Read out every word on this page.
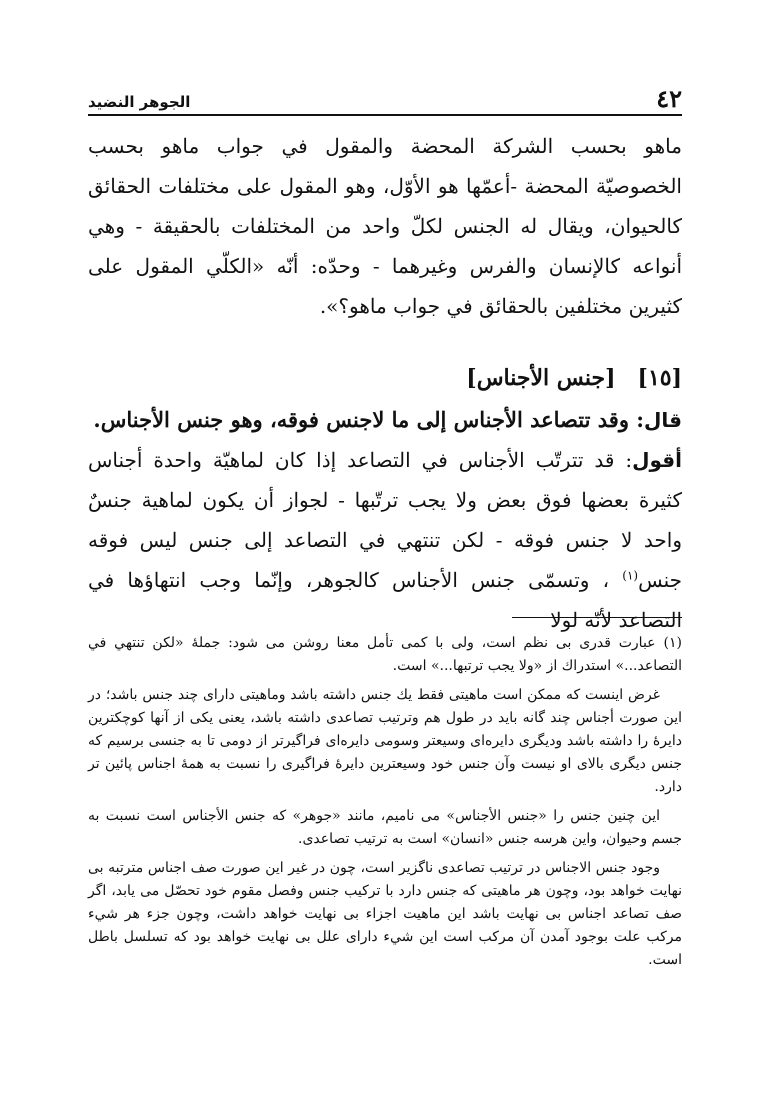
٤٢
الجوهر النضيد

ماهو بحسب الشركة المحضة والمقول في جواب ماهو بحسب الخصوصيّة المحضة -أعمّها هو الأوّل، وهو المقول على مختلفات الحقائق كالحيوان، ويقال له الجنس لكلّ واحد من المختلفات بالحقيقة - وهي أنواعه كالإنسان والفرس وغيرهما - وحدّه: أنّه «الكلّي المقول على كثيرين مختلفين بالحقائق في جواب ماهو؟».

[١٥][جنس الأجناس]

قال: وقد تتصاعد الأجناس إلى ما لاجنس فوقه، وهو جنس الأجناس.

أقول: قد تترتّب الأجناس في التصاعد إذا كان لماهيّة واحدة أجناس كثيرة بعضها فوق بعض ولا يجب ترتّبها - لجواز أن يكون لماهية جنسٌ واحد لا جنس فوقه - لكن تنتهي في التصاعد إلى جنس ليس فوقه جنس$^{(١)}$ ، وتسمّى جنس الأجناس كالجوهر، وإنّما وجب انتهاؤها في التصاعد لأنّه لولا

(١)عبارت قدری بی نظم است، ولی با کمی تأمل معنا روشن می شود: جملهٔ «لکن تنتهي في التصاعد...» استدراك از «ولا يجب ترتبها...» است.

غرض اینست که ممکن است ماهیتی فقط یك جنس داشته باشد وماهیتی دارای چند جنس باشد؛ در این صورت أجناس چند گانه باید در طول هم وترتیب تصاعدی داشته باشد، یعنی یکی از آنها کوچکترین دایرهٔ را داشته باشد ودیگری دایره‌ای وسیعتر وسومی دایره‌ای فراگیرتر از دومی تا به جنسی برسیم که جنس دیگری بالای او نیست وآن جنس خود وسیعترین دایرهٔ فراگیری را نسبت به همهٔ اجناس پائین تر دارد.

این چنین جنس را «جنس الأجناس» می نامیم، مانند «جوهر» که جنس الأجناس است نسبت به جسم وحیوان، واین هرسه جنس «انسان» است به ترتیب تصاعدی.

وجود جنس الاجناس در ترتیب تصاعدی ناگزیر است، چون در غیر این صورت صف اجناس مترتبه بی نهایت خواهد بود، وچون هر ماهیتی که جنس دارد با ترکیب جنس وفصل مقوم خود تحصّل می یابد، اگر صف تصاعد اجناس بی نهایت باشد این ماهیت اجزاء بی نهایت خواهد داشت، وچون جزء هر شيء مرکب علت بوجود آمدن آن مرکب است این شيء دارای علل بی نهایت خواهد بود که تسلسل باطل است.
